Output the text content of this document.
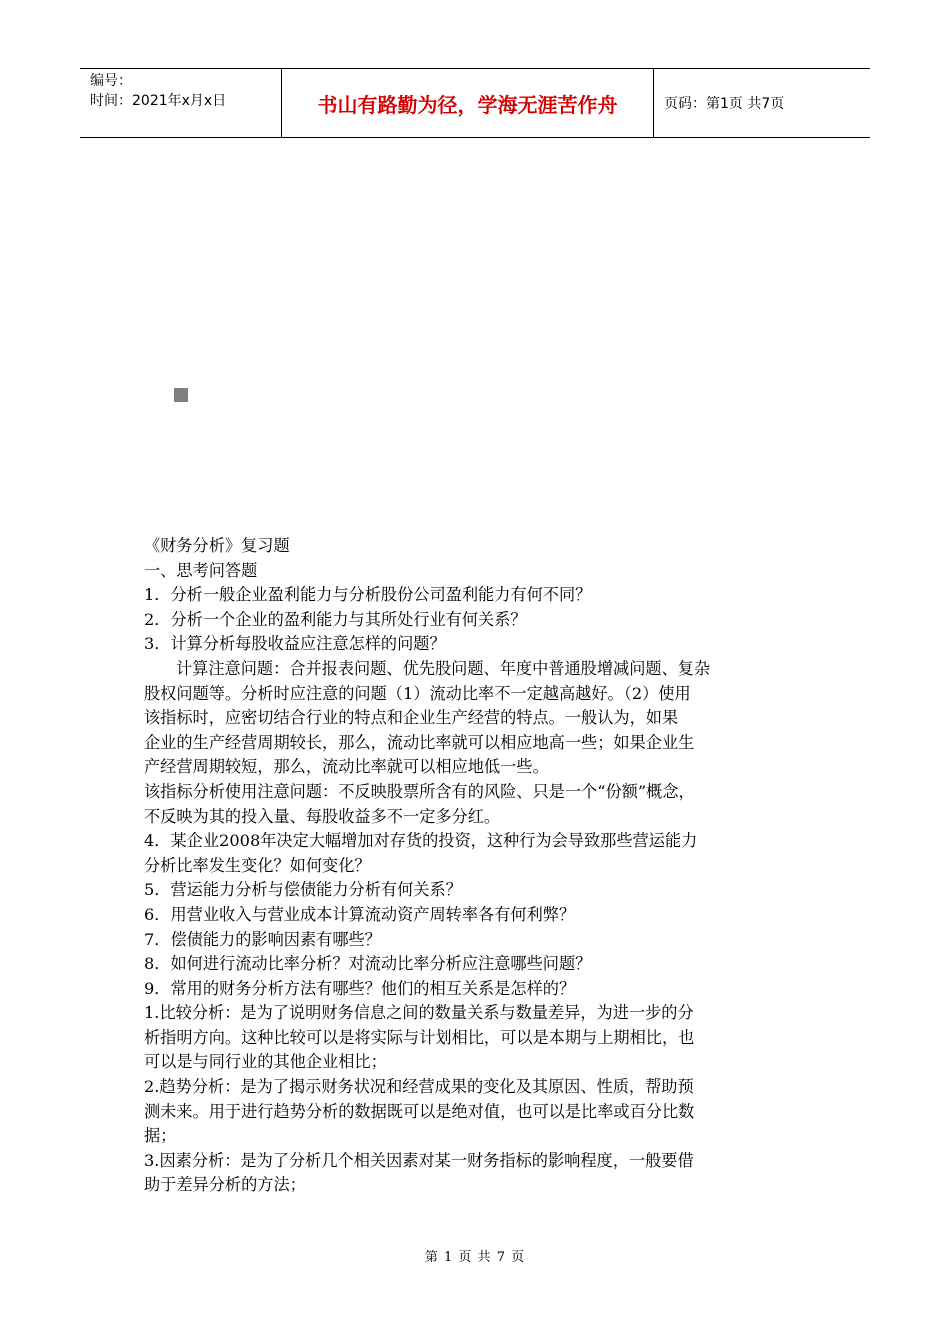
编号：
时间：2021年x月x日	书山有路勤为径，学海无涯苦作舟	页码：第1页 共7页

《财务分析》复习题

一、思考问答题

1．分析一般企业盈利能力与分析股份公司盈利能力有何不同？

2．分析一个企业的盈利能力与其所处行业有何关系？

3．计算分析每股收益应注意怎样的问题？

计算注意问题：合并报表问题、优先股问题、年度中普通股增减问题、复杂

股权问题等。分析时应注意的问题（1）流动比率不一定越高越好。（2）使用

该指标时，应密切结合行业的特点和企业生产经营的特点。一般认为，如果

企业的生产经营周期较长，那么，流动比率就可以相应地高一些；如果企业生

产经营周期较短，那么，流动比率就可以相应地低一些。

该指标分析使用注意问题：不反映股票所含有的风险、只是一个“份额”概念，

不反映为其的投入量、每股收益多不一定多分红。

4．某企业2008年决定大幅增加对存货的投资，这种行为会导致那些营运能力

分析比率发生变化？如何变化？

5．营运能力分析与偿债能力分析有何关系？

6．用营业收入与营业成本计算流动资产周转率各有何利弊？

7．偿债能力的影响因素有哪些？

8．如何进行流动比率分析？对流动比率分析应注意哪些问题？

9．常用的财务分析方法有哪些？他们的相互关系是怎样的？

1.比较分析：是为了说明财务信息之间的数量关系与数量差异，为进一步的分

析指明方向。这种比较可以是将实际与计划相比，可以是本期与上期相比，也

可以是与同行业的其他企业相比；

2.趋势分析：是为了揭示财务状况和经营成果的变化及其原因、性质，帮助预

测未来。用于进行趋势分析的数据既可以是绝对值，也可以是比率或百分比数

据；

3.因素分析：是为了分析几个相关因素对某一财务指标的影响程度，一般要借

助于差异分析的方法；

第 1 页 共 7 页
